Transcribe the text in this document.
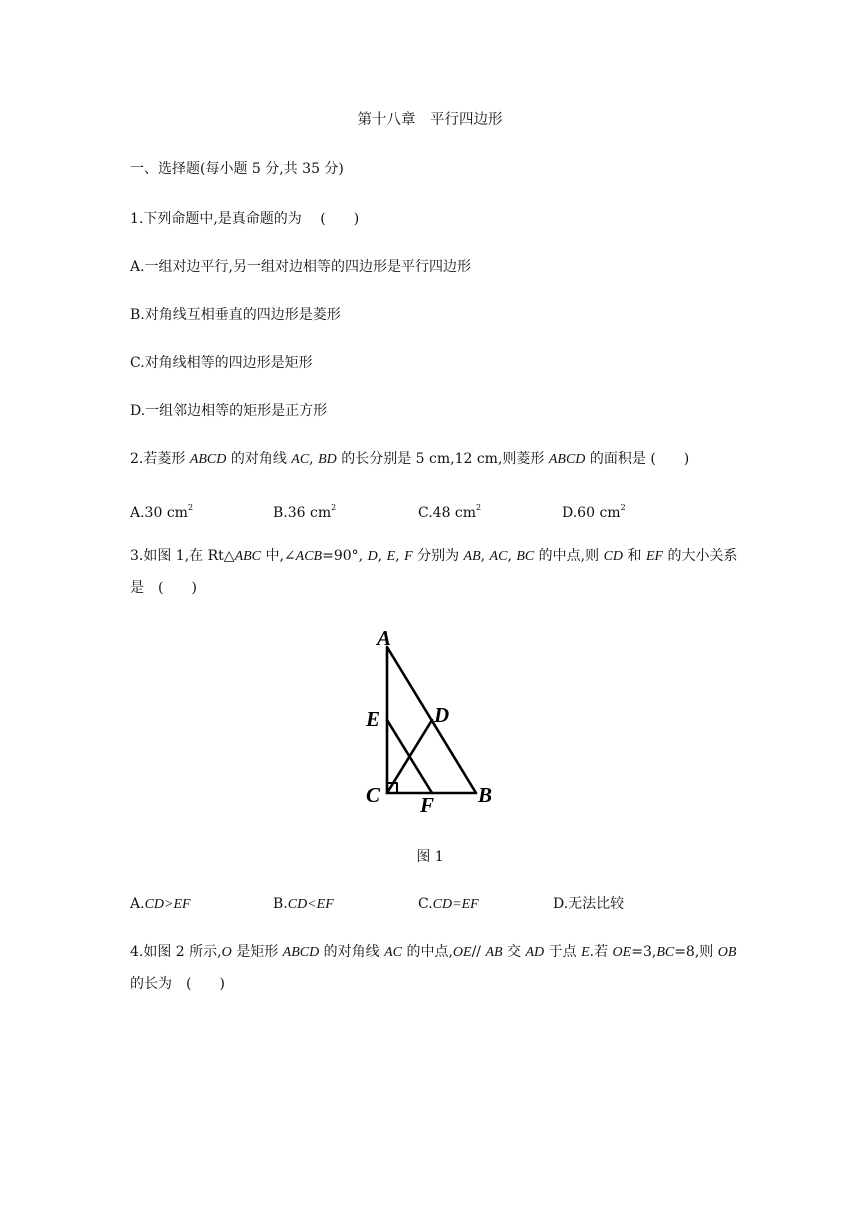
第十八章　平行四边形
一、选择题(每小题 5 分,共 35 分)
1.下列命题中,是真命题的为　 (　　)
A.一组对边平行,另一组对边相等的四边形是平行四边形
B.对角线互相垂直的四边形是菱形
C.对角线相等的四边形是矩形
D.一组邻边相等的矩形是正方形
2.若菱形 ABCD 的对角线 AC, BD 的长分别是 5 cm,12 cm,则菱形 ABCD 的面积是 (　　)
A.30 $cm^2$	B.36 $cm^2$	C.48 $cm^2$	D.60 $cm^2$
3.如图 1,在 Rt△ABC 中,∠ACB=90°, D, E, F 分别为 AB, AC, BC 的中点,则 CD 和 EF 的大小关系
是　(　　)
A
E	D
C F B
图 1
A.CD>EF	B.CD<EF	C.CD=EF	D.无法比较
4.如图 2 所示,O 是矩形 ABCD 的对角线 AC 的中点,OE// AB 交 AD 于点 E.若 OE=3,BC=8,则 OB
的长为　(　　)
